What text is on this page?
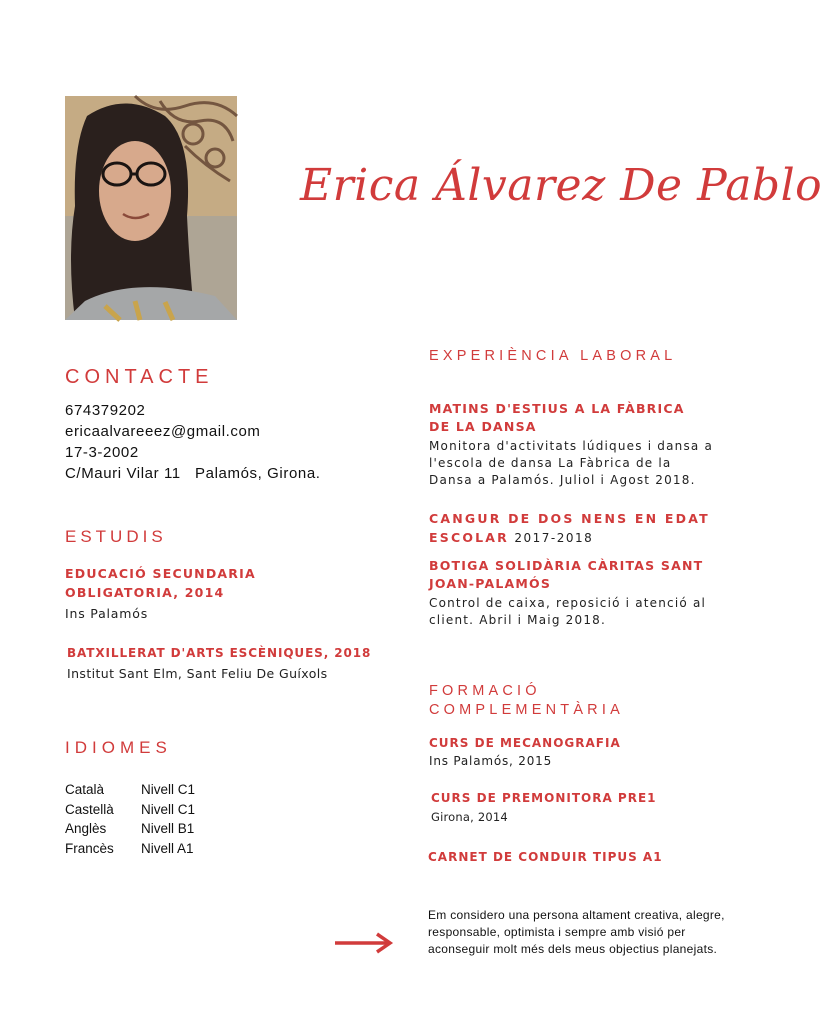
Erica Álvarez De Pablo
CONTACTE
674379202
ericaalvareeez@gmail.com
17-3-2002
C/Mauri Vilar 11   Palamós, Girona.
ESTUDIS
EDUCACIÓ SECUNDARIA OBLIGATORIA, 2014
Ins Palamós
BATXILLERAT D'ARTS ESCÈNIQUES, 2018
Institut Sant Elm, Sant Feliu De Guíxols
IDIOMES
Català	Nivell C1
Castellà Nivell C1
Anglès	Nivell B1
Francès Nivell A1
EXPERIÈNCIA LABORAL
MATINS D'ESTIUS A LA FÀBRICA DE LA DANSA
Monitora d'activitats lúdiques i dansa a l'escola de dansa La Fàbrica de la Dansa a Palamós. Juliol i Agost 2018.
CANGUR DE DOS NENS EN EDAT ESCOLAR 2017-2018
BOTIGA SOLIDÀRIA CÀRITAS SANT JOAN-PALAMÓS
Control de caixa, reposició i atenció al client. Abril i Maig 2018.
FORMACIÓ
COMPLEMENTÀRIA
CURS DE MECANOGRAFIA
Ins Palamós, 2015
CURS DE PREMONITORA PRE1
Girona, 2014
CARNET DE CONDUIR TIPUS A1
Em considero una persona altament creativa, alegre, responsable, optimista i sempre amb visió per aconseguir molt més dels meus objectius planejats.
